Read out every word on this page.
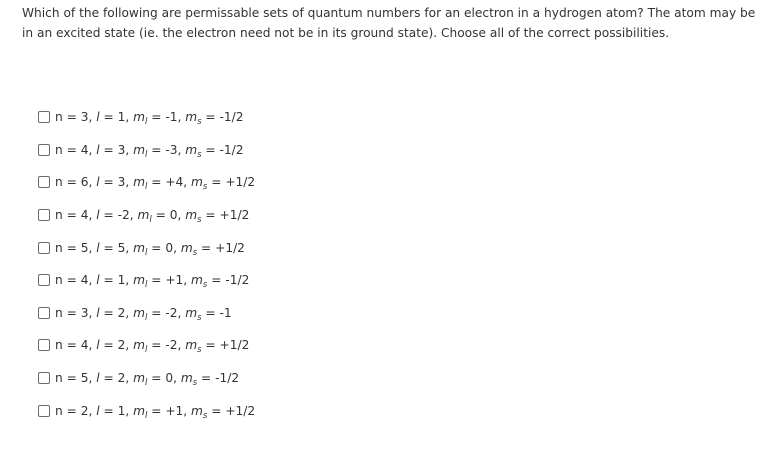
Which of the following are permissable sets of quantum numbers for an electron in a hydrogen atom? The atom may be in an excited state (ie. the electron need not be in its ground state). Choose all of the correct possibilities.
n = 3, l = 1, $m_l = -1$, $m_s = -1/2$
n = 4, l = 3, $m_l = -3$, $m_s = -1/2$
n = 6, l = 3, $m_l = +4$, $m_s = +1/2$
n = 4, l = -2, $m_l = 0$, $m_s = +1/2$
n = 5, l = 5, $m_l = 0$, $m_s = +1/2$
n = 4, l = 1, $m_l = +1$, $m_s = -1/2$
n = 3, l = 2, $m_l = -2$, $m_s = -1$
n = 4, l = 2, $m_l = -2$, $m_s = +1/2$
n = 5, l = 2, $m_l = 0$, $m_s = -1/2$
n = 2, l = 1, $m_l = +1$, $m_s = +1/2$
